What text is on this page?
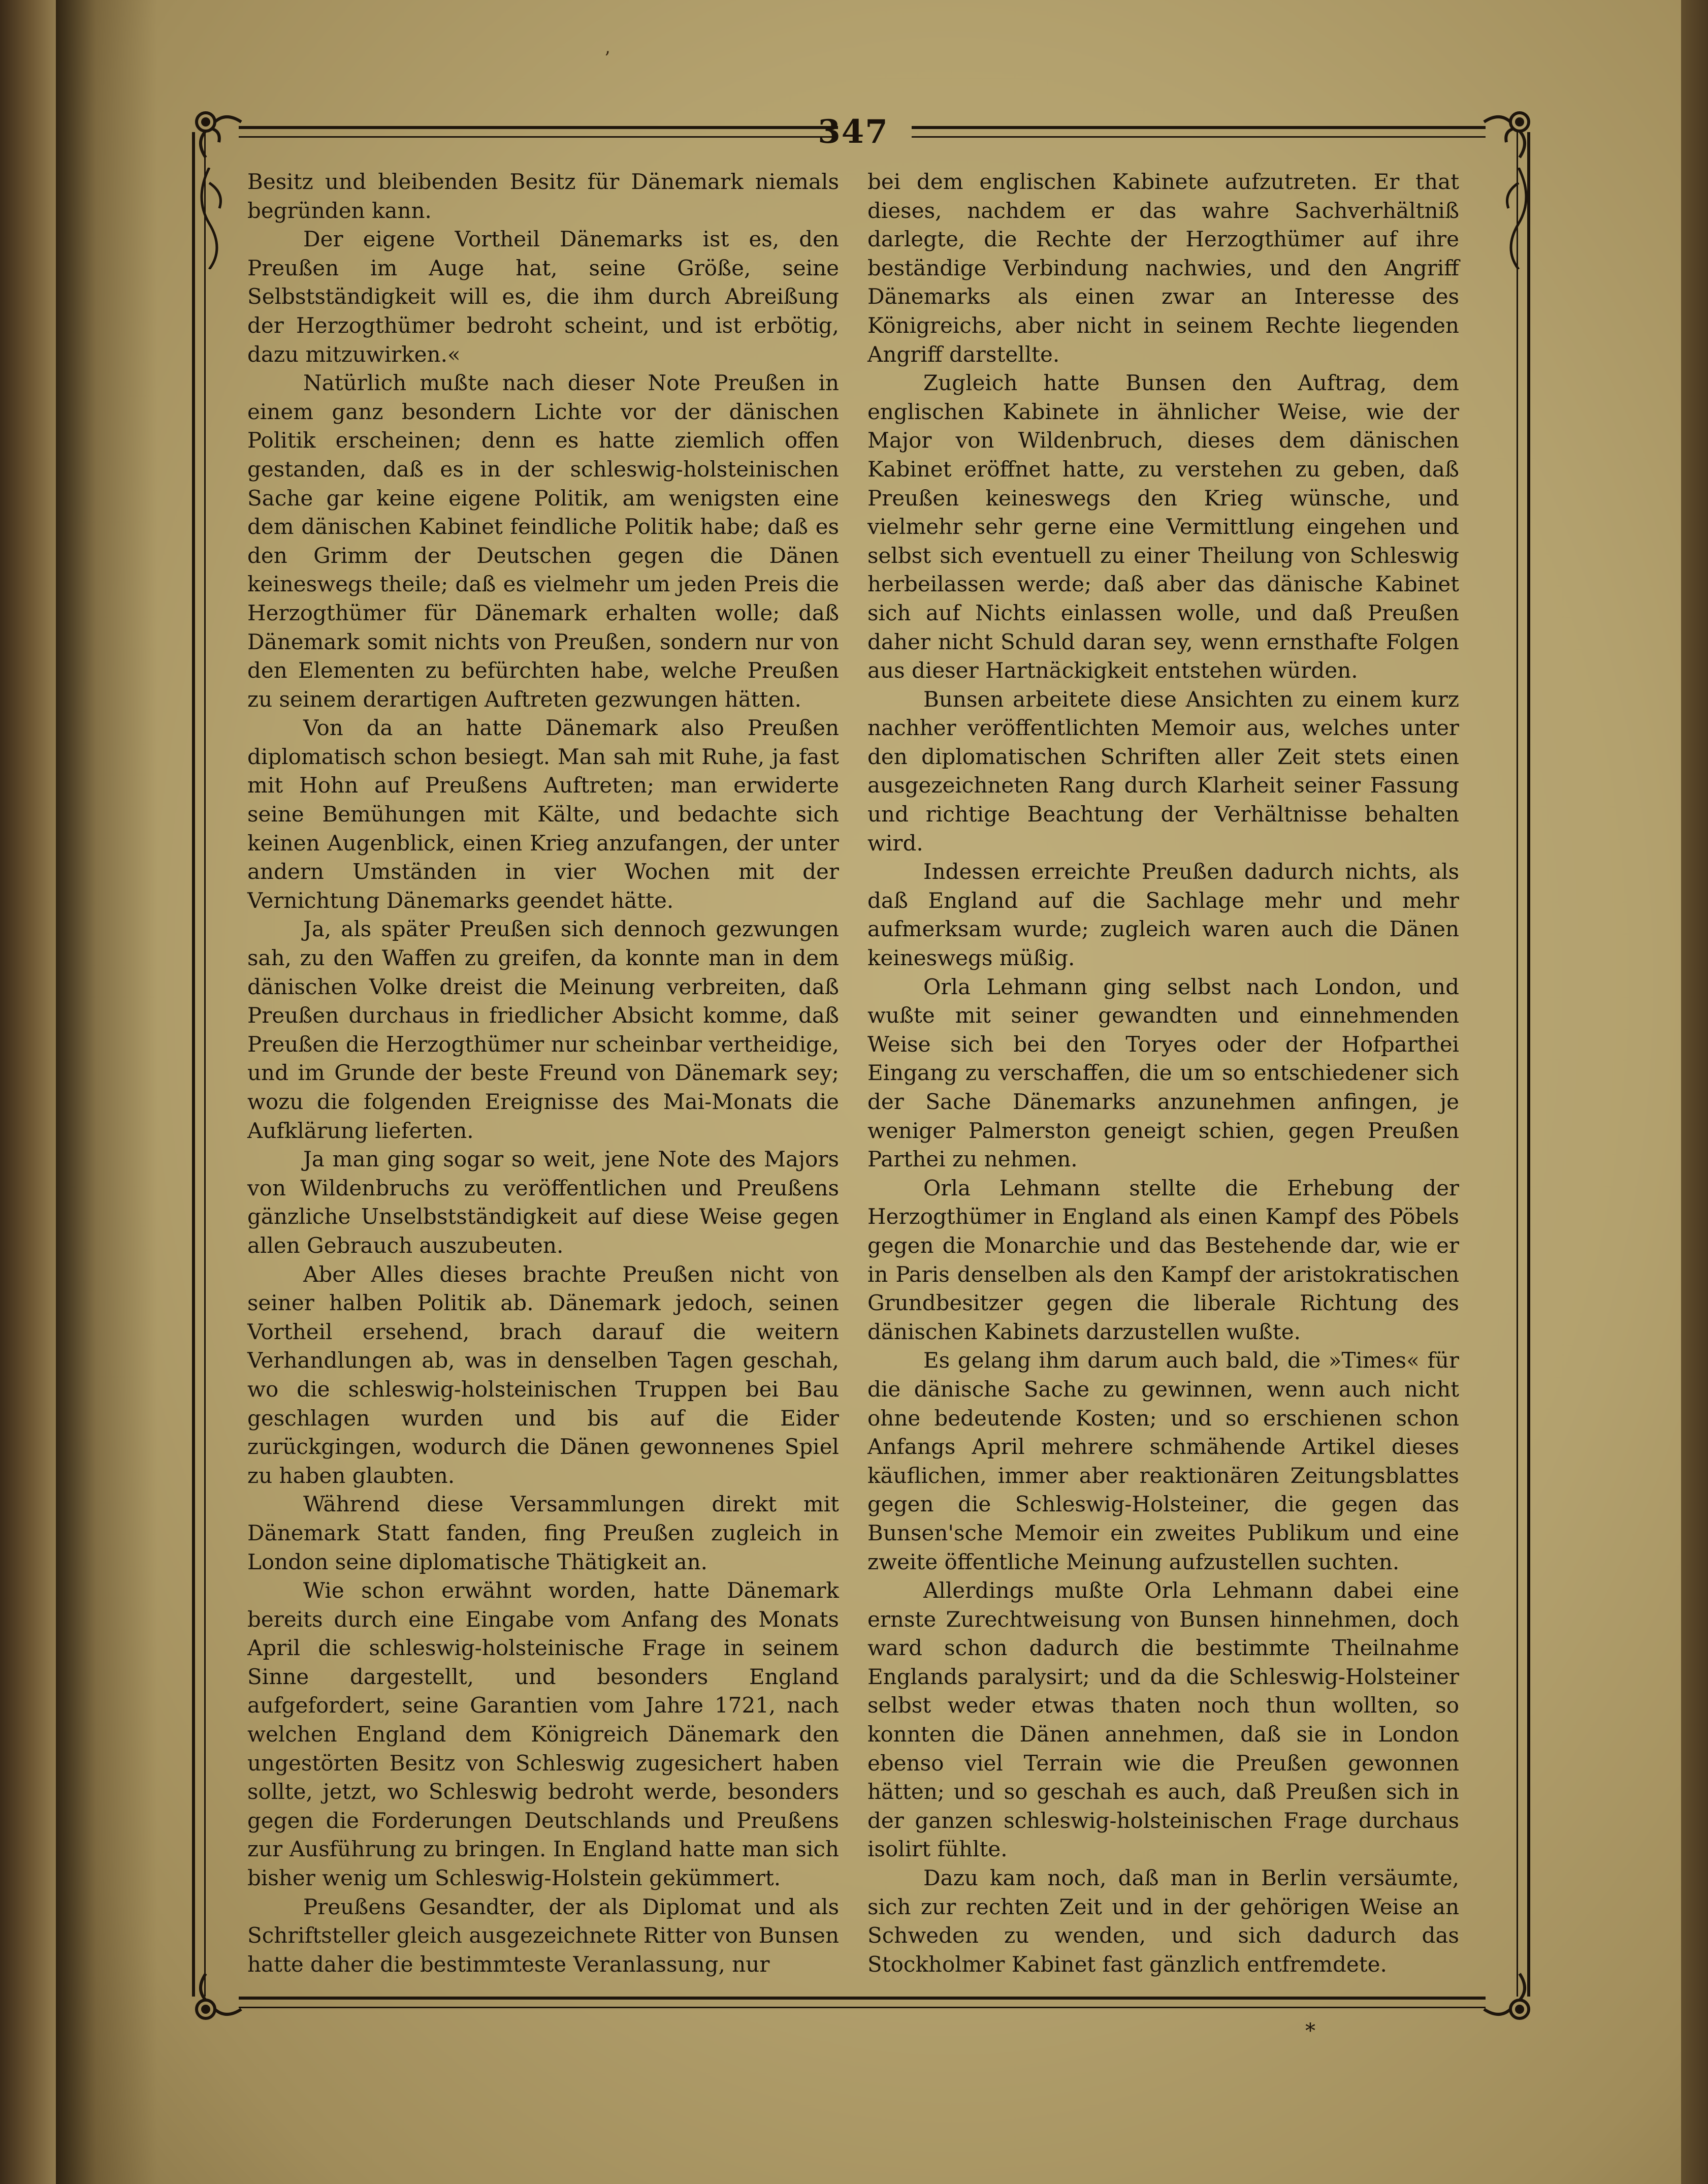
’
347

Besitz und bleibenden Besitz für Dänemark niemals begründen kann.

Der eigene Vortheil Dänemarks ist es, den Preußen im Auge hat, seine Größe, seine Selbstständigkeit will es, die ihm durch Abreißung der Herzogthümer bedroht scheint, und ist erbötig, dazu mitzuwirken.«

Natürlich mußte nach dieser Note Preußen in einem ganz besondern Lichte vor der dänischen Politik erscheinen; denn es hatte ziemlich offen gestanden, daß es in der schleswig-holsteinischen Sache gar keine eigene Politik, am wenigsten eine dem dänischen Kabinet feindliche Politik habe; daß es den Grimm der Deutschen gegen die Dänen keineswegs theile; daß es vielmehr um jeden Preis die Herzogthümer für Dänemark erhalten wolle; daß Dänemark somit nichts von Preußen, sondern nur von den Elementen zu befürchten habe, welche Preußen zu seinem derartigen Auftreten gezwungen hätten.

Von da an hatte Dänemark also Preußen diplomatisch schon besiegt. Man sah mit Ruhe, ja fast mit Hohn auf Preußens Auftreten; man erwiderte seine Bemühungen mit Kälte, und bedachte sich keinen Augenblick, einen Krieg anzufangen, der unter andern Umständen in vier Wochen mit der Vernichtung Dänemarks geendet hätte.

Ja, als später Preußen sich dennoch gezwungen sah, zu den Waffen zu greifen, da konnte man in dem dänischen Volke dreist die Meinung verbreiten, daß Preußen durchaus in friedlicher Absicht komme, daß Preußen die Herzogthümer nur scheinbar vertheidige, und im Grunde der beste Freund von Dänemark sey; wozu die folgenden Ereignisse des Mai-Monats die Aufklärung lieferten.

Ja man ging sogar so weit, jene Note des Majors von Wildenbruchs zu veröffentlichen und Preußens gänzliche Unselbstständigkeit auf diese Weise gegen allen Gebrauch auszubeuten.

Aber Alles dieses brachte Preußen nicht von seiner halben Politik ab. Dänemark jedoch, seinen Vortheil ersehend, brach darauf die weitern Verhandlungen ab, was in denselben Tagen geschah, wo die schleswig-holsteinischen Truppen bei Bau geschlagen wurden und bis auf die Eider zurückgingen, wodurch die Dänen gewonnenes Spiel zu haben glaubten.

Während diese Versammlungen direkt mit Dänemark Statt fanden, fing Preußen zugleich in London seine diplomatische Thätigkeit an.

Wie schon erwähnt worden, hatte Dänemark bereits durch eine Eingabe vom Anfang des Monats April die schleswig-holsteinische Frage in seinem Sinne dargestellt, und besonders England aufgefordert, seine Garantien vom Jahre 1721, nach welchen England dem Königreich Dänemark den ungestörten Besitz von Schleswig zugesichert haben sollte, jetzt, wo Schleswig bedroht werde, besonders gegen die Forderungen Deutschlands und Preußens zur Ausführung zu bringen. In England hatte man sich bisher wenig um Schleswig-Holstein gekümmert.

Preußens Gesandter, der als Diplomat und als Schriftsteller gleich ausgezeichnete Ritter von Bunsen hatte daher die bestimmteste Veranlassung, nur

bei dem englischen Kabinete aufzutreten. Er that dieses, nachdem er das wahre Sachverhältniß darlegte, die Rechte der Herzogthümer auf ihre beständige Verbindung nachwies, und den Angriff Dänemarks als einen zwar an Interesse des Königreichs, aber nicht in seinem Rechte liegenden Angriff darstellte.

Zugleich hatte Bunsen den Auftrag, dem englischen Kabinete in ähnlicher Weise, wie der Major von Wildenbruch, dieses dem dänischen Kabinet eröffnet hatte, zu verstehen zu geben, daß Preußen keineswegs den Krieg wünsche, und vielmehr sehr gerne eine Vermittlung eingehen und selbst sich eventuell zu einer Theilung von Schleswig herbeilassen werde; daß aber das dänische Kabinet sich auf Nichts einlassen wolle, und daß Preußen daher nicht Schuld daran sey, wenn ernsthafte Folgen aus dieser Hartnäckigkeit entstehen würden.

Bunsen arbeitete diese Ansichten zu einem kurz nachher veröffentlichten Memoir aus, welches unter den diplomatischen Schriften aller Zeit stets einen ausgezeichneten Rang durch Klarheit seiner Fassung und richtige Beachtung der Verhältnisse behalten wird.

Indessen erreichte Preußen dadurch nichts, als daß England auf die Sachlage mehr und mehr aufmerksam wurde; zugleich waren auch die Dänen keineswegs müßig.

Orla Lehmann ging selbst nach London, und wußte mit seiner gewandten und einnehmenden Weise sich bei den Toryes oder der Hofparthei Eingang zu verschaffen, die um so entschiedener sich der Sache Dänemarks anzunehmen anfingen, je weniger Palmerston geneigt schien, gegen Preußen Parthei zu nehmen.

Orla Lehmann stellte die Erhebung der Herzogthümer in England als einen Kampf des Pöbels gegen die Monarchie und das Bestehende dar, wie er in Paris denselben als den Kampf der aristokratischen Grundbesitzer gegen die liberale Richtung des dänischen Kabinets darzustellen wußte.

Es gelang ihm darum auch bald, die »Times« für die dänische Sache zu gewinnen, wenn auch nicht ohne bedeutende Kosten; und so erschienen schon Anfangs April mehrere schmähende Artikel dieses käuflichen, immer aber reaktionären Zeitungsblattes gegen die Schleswig-Holsteiner, die gegen das Bunsen'sche Memoir ein zweites Publikum und eine zweite öffentliche Meinung aufzustellen suchten.

Allerdings mußte Orla Lehmann dabei eine ernste Zurechtweisung von Bunsen hinnehmen, doch ward schon dadurch die bestimmte Theilnahme Englands paralysirt; und da die Schleswig-Holsteiner selbst weder etwas thaten noch thun wollten, so konnten die Dänen annehmen, daß sie in London ebenso viel Terrain wie die Preußen gewonnen hätten; und so geschah es auch, daß Preußen sich in der ganzen schleswig-holsteinischen Frage durchaus isolirt fühlte.

Dazu kam noch, daß man in Berlin versäumte, sich zur rechten Zeit und in der gehörigen Weise an Schweden zu wenden, und sich dadurch das Stockholmer Kabinet fast gänzlich entfremdete.

*
